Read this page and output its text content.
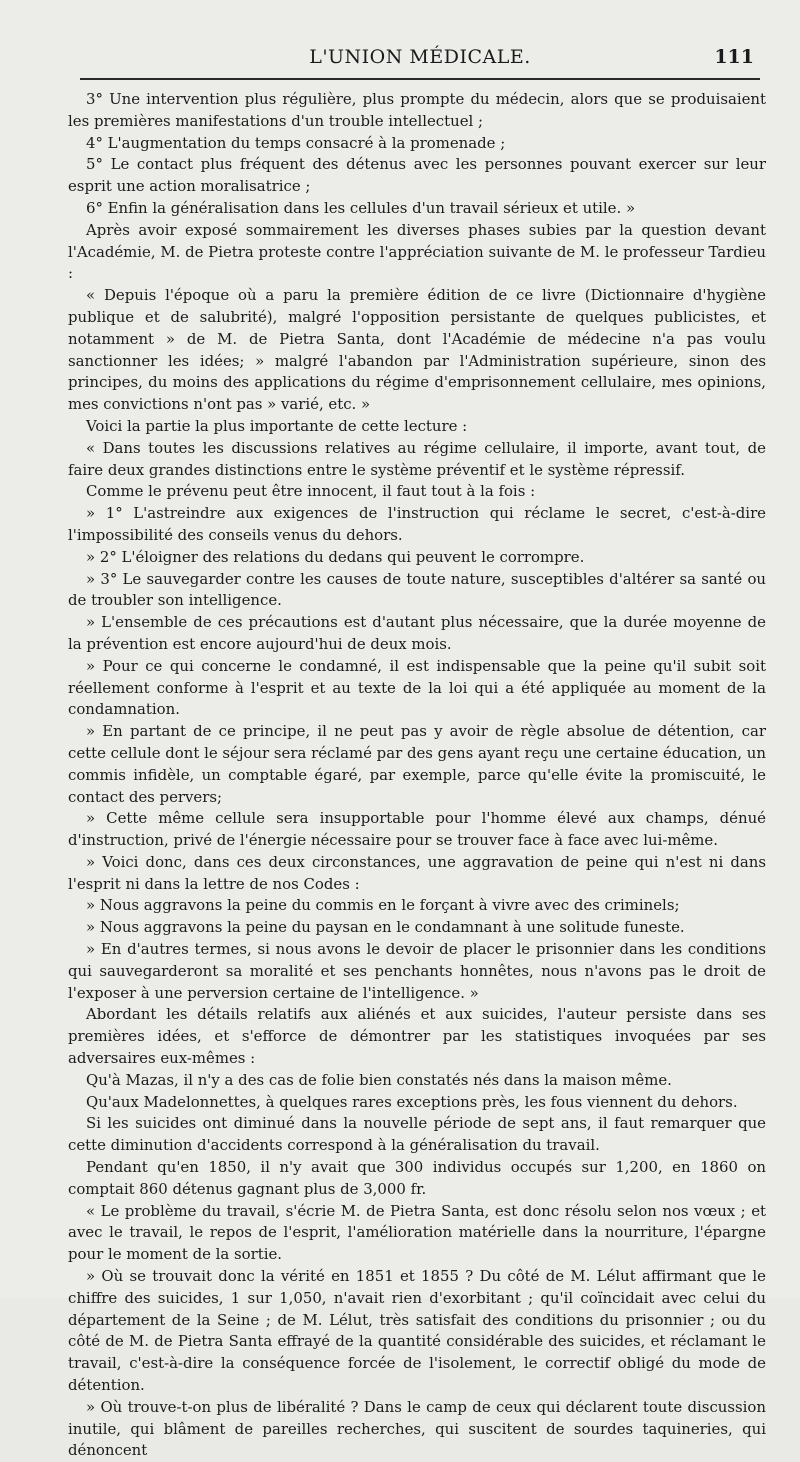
L'UNION MÉDICALE.	111

3° Une intervention plus régulière, plus prompte du médecin, alors que se produisaient les premières manifestations d'un trouble intellectuel ;

4° L'augmentation du temps consacré à la promenade ;

5° Le contact plus fréquent des détenus avec les personnes pouvant exercer sur leur esprit une action moralisatrice ;

6° Enfin la généralisation dans les cellules d'un travail sérieux et utile. »

Après avoir exposé sommairement les diverses phases subies par la question devant l'Académie, M. de Pietra proteste contre l'appréciation suivante de M. le professeur Tardieu :

« Depuis l'époque où a paru la première édition de ce livre (Dictionnaire d'hygiène publique et de salubrité), malgré l'opposition persistante de quelques publicistes, et notamment » de M. de Pietra Santa, dont l'Académie de médecine n'a pas voulu sanctionner les idées; » malgré l'abandon par l'Administration supérieure, sinon des principes, du moins des applications du régime d'emprisonnement cellulaire, mes opinions, mes convictions n'ont pas » varié, etc. »

Voici la partie la plus importante de cette lecture :

« Dans toutes les discussions relatives au régime cellulaire, il importe, avant tout, de faire deux grandes distinctions entre le système préventif et le système répressif.

Comme le prévenu peut être innocent, il faut tout à la fois :

» 1° L'astreindre aux exigences de l'instruction qui réclame le secret, c'est-à-dire l'impossibilité des conseils venus du dehors.

» 2° L'éloigner des relations du dedans qui peuvent le corrompre.

» 3° Le sauvegarder contre les causes de toute nature, susceptibles d'altérer sa santé ou de troubler son intelligence.

» L'ensemble de ces précautions est d'autant plus nécessaire, que la durée moyenne de la prévention est encore aujourd'hui de deux mois.

» Pour ce qui concerne le condamné, il est indispensable que la peine qu'il subit soit réellement conforme à l'esprit et au texte de la loi qui a été appliquée au moment de la condamnation.

» En partant de ce principe, il ne peut pas y avoir de règle absolue de détention, car cette cellule dont le séjour sera réclamé par des gens ayant reçu une certaine éducation, un commis infidèle, un comptable égaré, par exemple, parce qu'elle évite la promiscuité, le contact des pervers;

» Cette même cellule sera insupportable pour l'homme élevé aux champs, dénué d'instruction, privé de l'énergie nécessaire pour se trouver face à face avec lui-même.

» Voici donc, dans ces deux circonstances, une aggravation de peine qui n'est ni dans l'esprit ni dans la lettre de nos Codes :

» Nous aggravons la peine du commis en le forçant à vivre avec des criminels;

» Nous aggravons la peine du paysan en le condamnant à une solitude funeste.

» En d'autres termes, si nous avons le devoir de placer le prisonnier dans les conditions qui sauvegarderont sa moralité et ses penchants honnêtes, nous n'avons pas le droit de l'exposer à une perversion certaine de l'intelligence. »

Abordant les détails relatifs aux aliénés et aux suicides, l'auteur persiste dans ses premières idées, et s'efforce de démontrer par les statistiques invoquées par ses adversaires eux-mêmes :

Qu'à Mazas, il n'y a des cas de folie bien constatés nés dans la maison même.

Qu'aux Madelonnettes, à quelques rares exceptions près, les fous viennent du dehors.

Si les suicides ont diminué dans la nouvelle période de sept ans, il faut remarquer que cette diminution d'accidents correspond à la généralisation du travail.

Pendant qu'en 1850, il n'y avait que 300 individus occupés sur 1,200, en 1860 on comptait 860 détenus gagnant plus de 3,000 fr.

« Le problème du travail, s'écrie M. de Pietra Santa, est donc résolu selon nos vœux ; et avec le travail, le repos de l'esprit, l'amélioration matérielle dans la nourriture, l'épargne pour le moment de la sortie.

» Où se trouvait donc la vérité en 1851 et 1855 ? Du côté de M. Lélut affirmant que le chiffre des suicides, 1 sur 1,050, n'avait rien d'exorbitant ; qu'il coïncidait avec celui du département de la Seine ; de M. Lélut, très satisfait des conditions du prisonnier ; ou du côté de M. de Pietra Santa effrayé de la quantité considérable des suicides, et réclamant le travail, c'est-à-dire la conséquence forcée de l'isolement, le correctif obligé du mode de détention.

» Où trouve-t-on plus de libéralité ? Dans le camp de ceux qui déclarent toute discussion inutile, qui blâment de pareilles recherches, qui suscitent de sourdes taquineries, qui dénoncent
